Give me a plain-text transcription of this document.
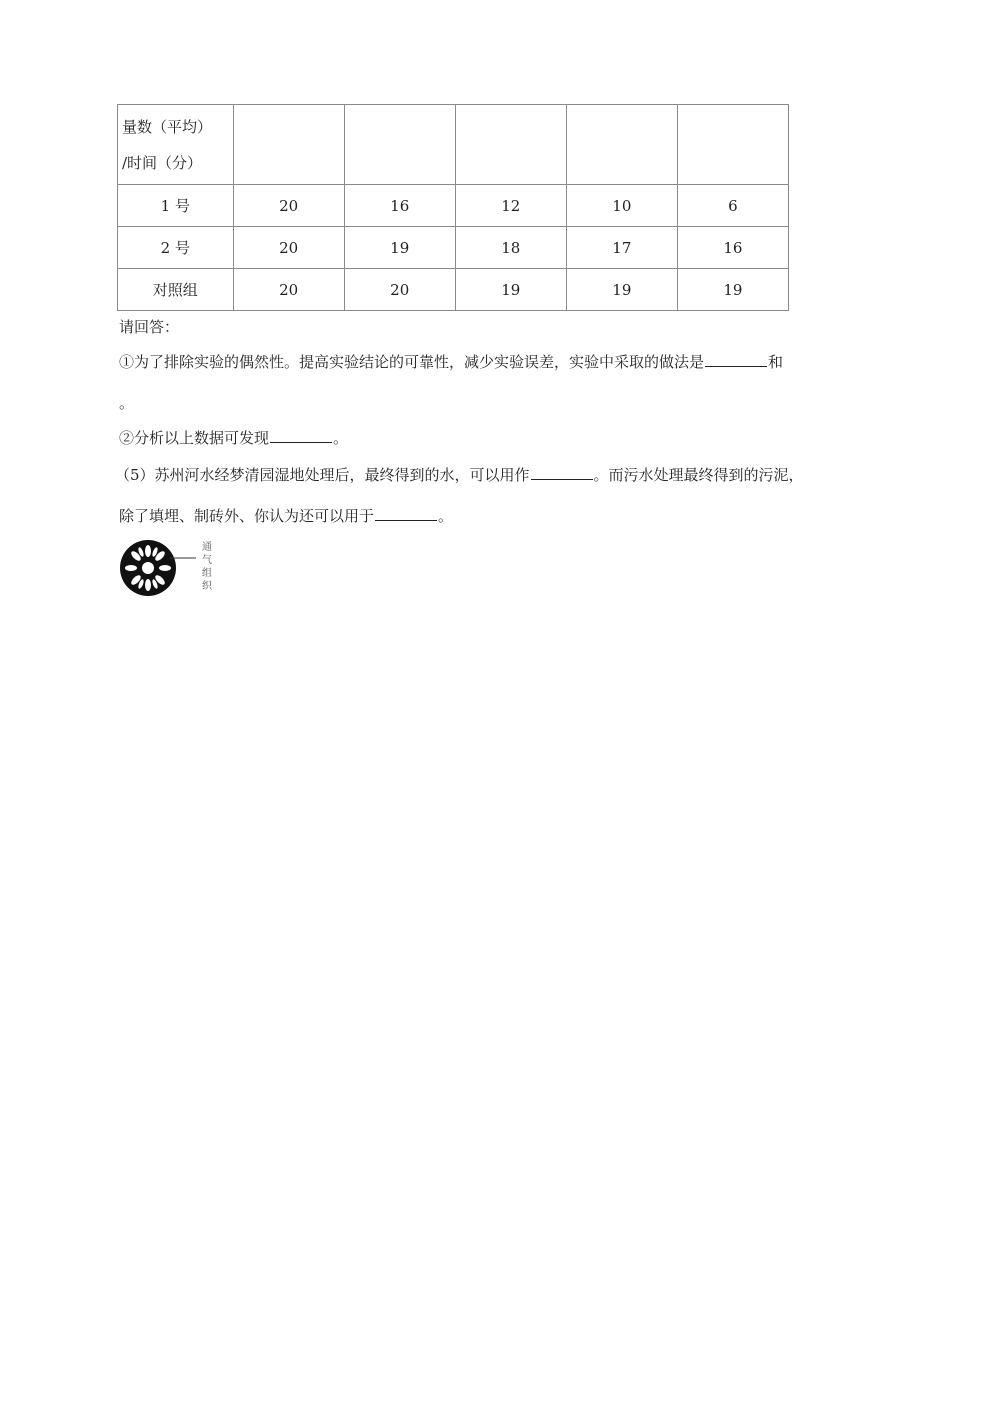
量数（平均）
/时间（分）					

1 号	20	16	12	10	6
2 号	20	19	18	17	16
对照组	20	20	19	19	19
请回答：
①为了排除实验的偶然性。提高实验结论的可靠性，减少实验误差，实验中采取的做法是	和
。
②分析以上数据可发现	。
（5）苏州河水经梦清园湿地处理后，最终得到的水，可以用作	。而污水处理最终得到的污泥，
除了填埋、制砖外、你认为还可以用于	。
通气组织
